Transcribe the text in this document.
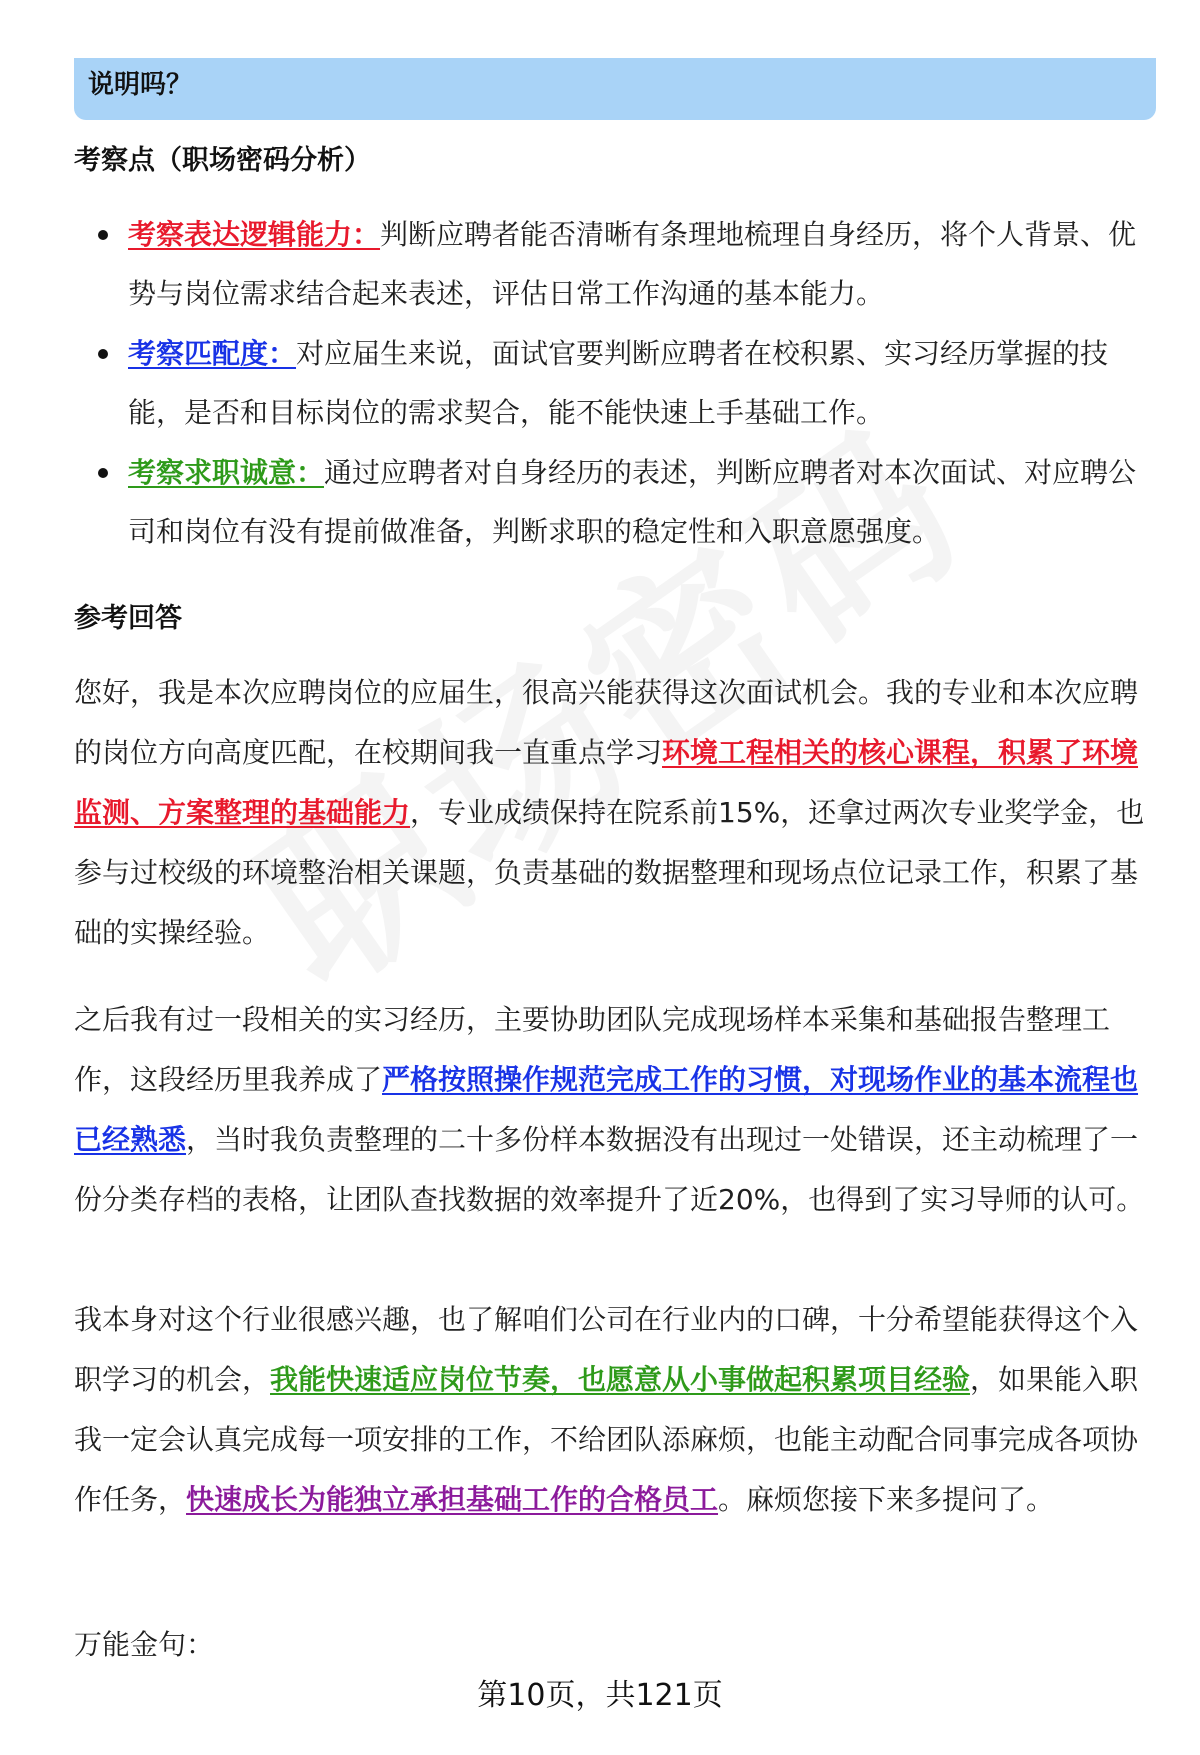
说明吗？
考察点（职场密码分析）
考察表达逻辑能力：判断应聘者能否清晰有条理地梳理自身经历，将个人背景、优势与岗位需求结合起来表述，评估日常工作沟通的基本能力。
考察匹配度：对应届生来说，面试官要判断应聘者在校积累、实习经历掌握的技能，是否和目标岗位的需求契合，能不能快速上手基础工作。
考察求职诚意：通过应聘者对自身经历的表述，判断应聘者对本次面试、对应聘公司和岗位有没有提前做准备，判断求职的稳定性和入职意愿强度。
参考回答
您好，我是本次应聘岗位的应届生，很高兴能获得这次面试机会。我的专业和本次应聘的岗位方向高度匹配，在校期间我一直重点学习环境工程相关的核心课程，积累了环境监测、方案整理的基础能力，专业成绩保持在院系前15%，还拿过两次专业奖学金，也参与过校级的环境整治相关课题，负责基础的数据整理和现场点位记录工作，积累了基础的实操经验。
之后我有过一段相关的实习经历，主要协助团队完成现场样本采集和基础报告整理工作，这段经历里我养成了严格按照操作规范完成工作的习惯，对现场作业的基本流程也已经熟悉，当时我负责整理的二十多份样本数据没有出现过一处错误，还主动梳理了一份分类存档的表格，让团队查找数据的效率提升了近20%，也得到了实习导师的认可。
我本身对这个行业很感兴趣，也了解咱们公司在行业内的口碑，十分希望能获得这个入职学习的机会，我能快速适应岗位节奏，也愿意从小事做起积累项目经验，如果能入职我一定会认真完成每一项安排的工作，不给团队添麻烦，也能主动配合同事完成各项协作任务，快速成长为能独立承担基础工作的合格员工。麻烦您接下来多提问了。
万能金句：
第10页，共121页
